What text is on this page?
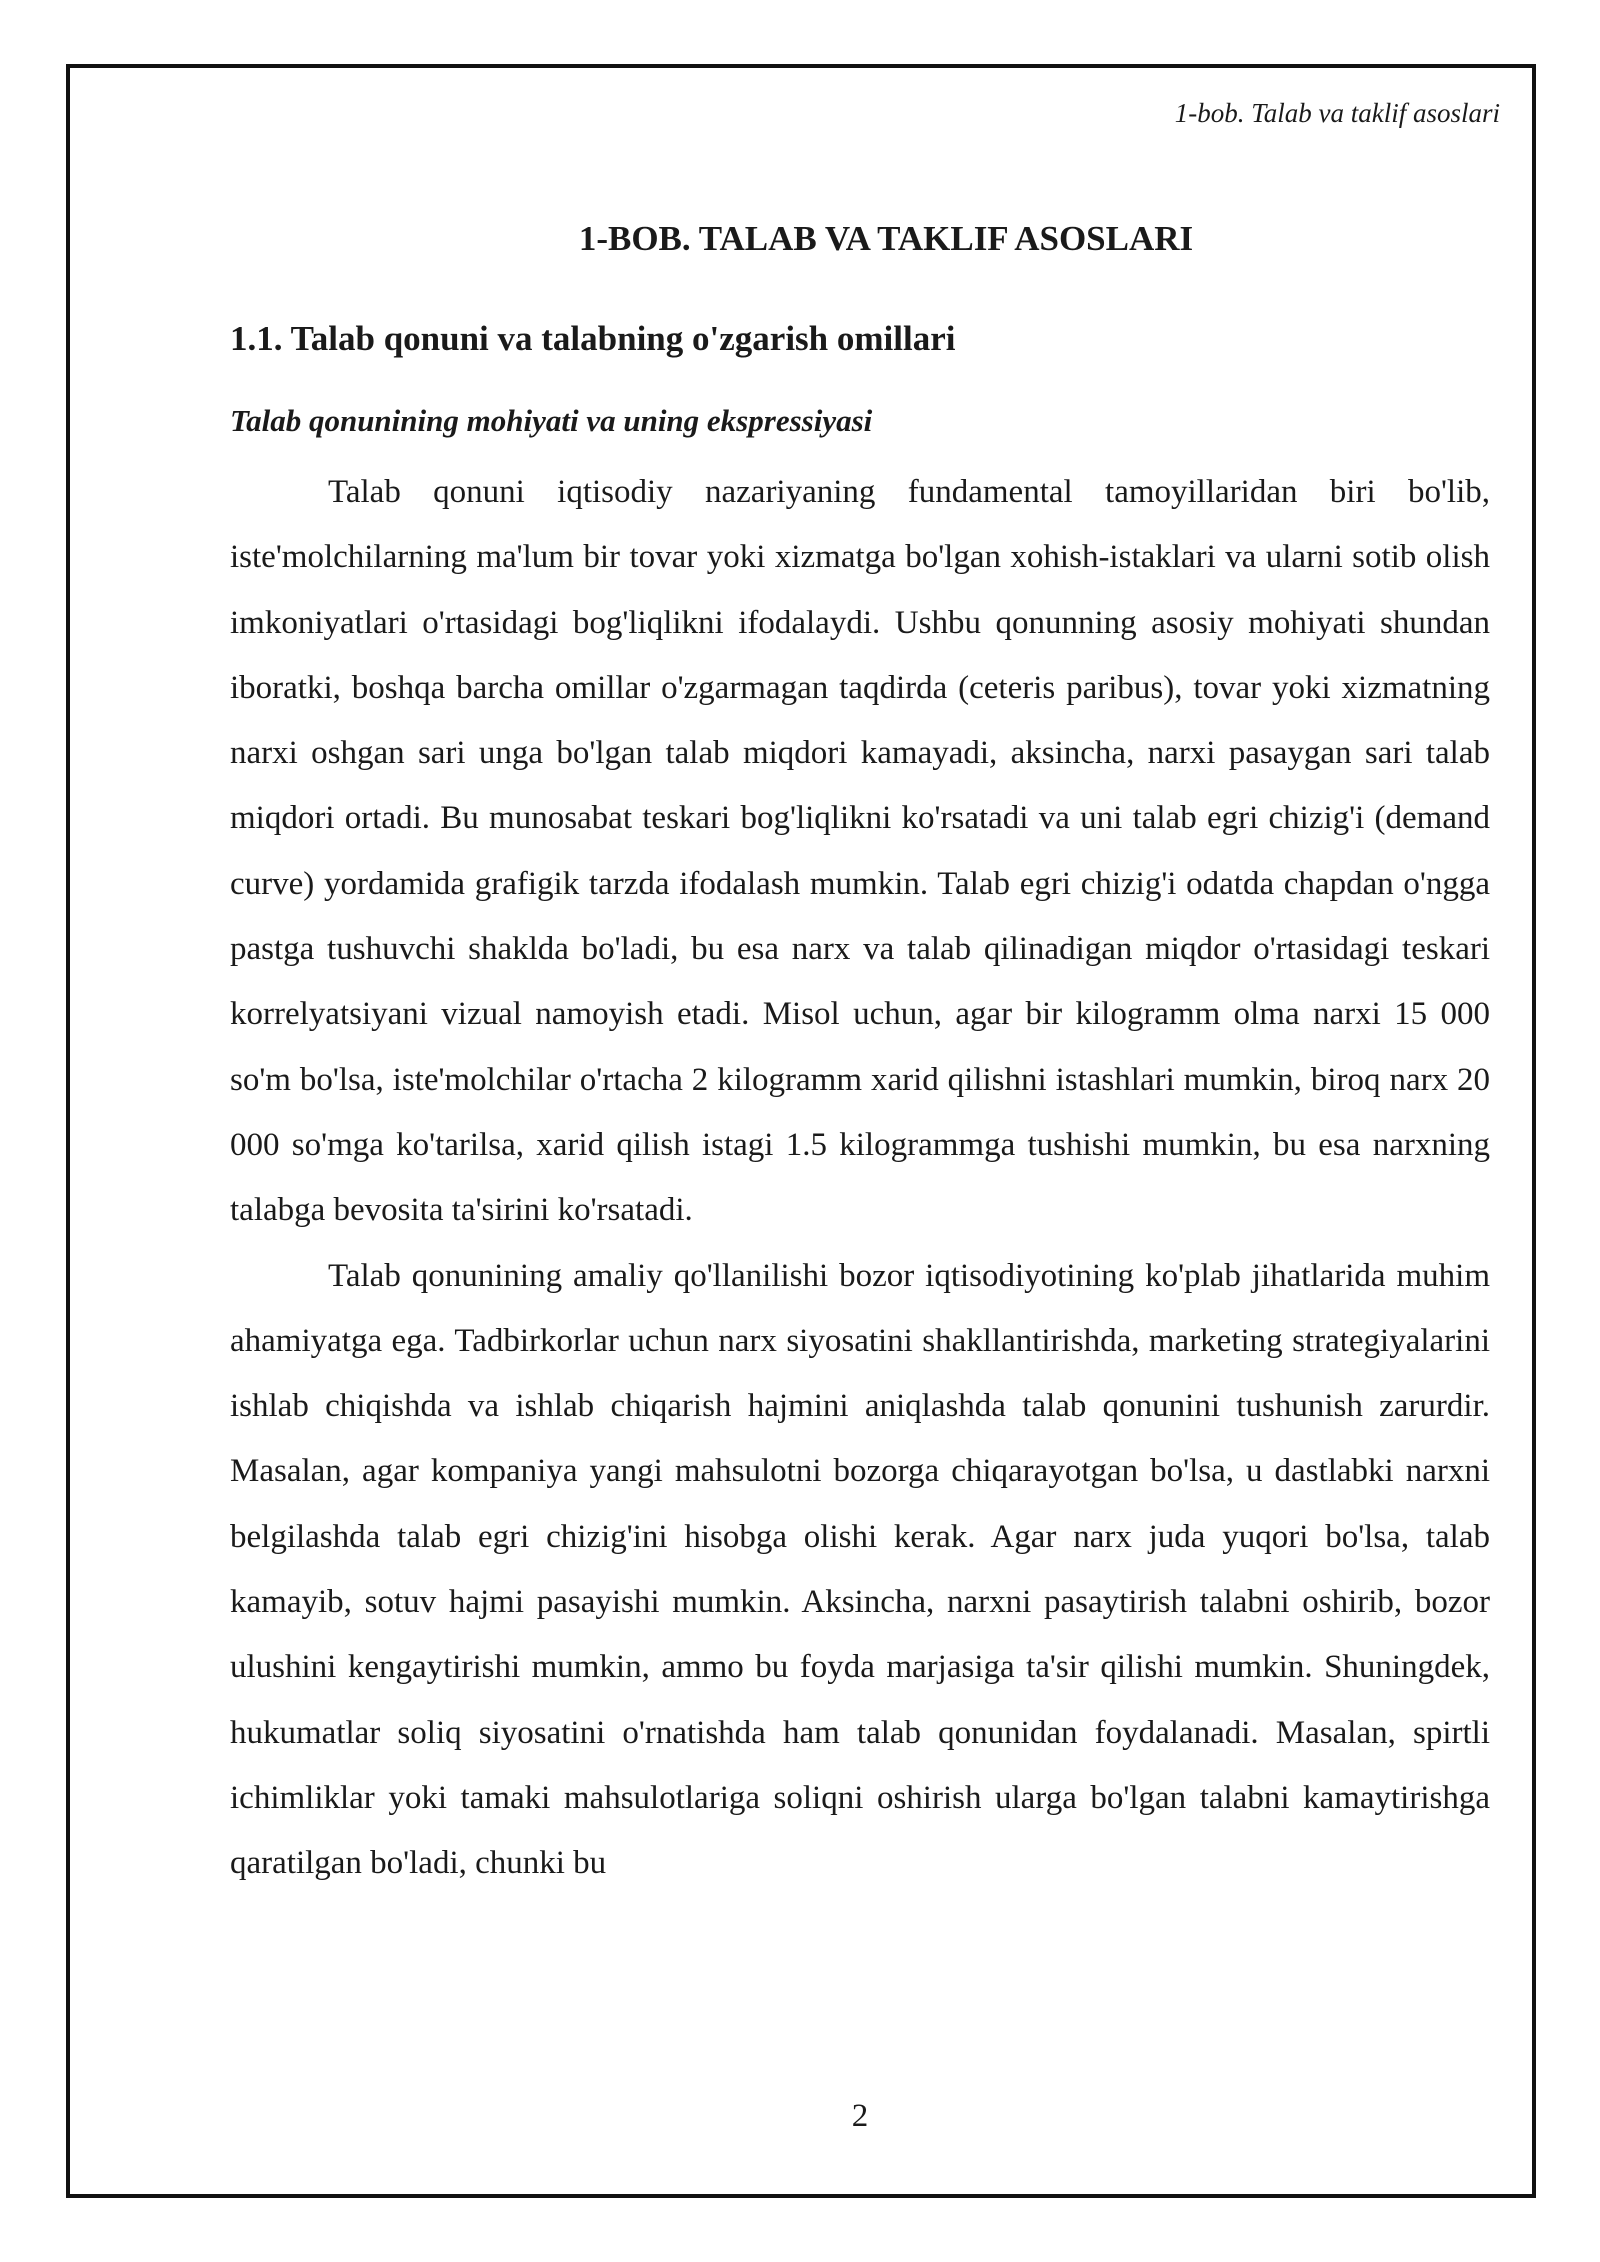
1-bob. Talab va taklif asoslari
1-BOB. TALAB VA TAKLIF ASOSLARI
1.1. Talab qonuni va talabning o'zgarish omillari
Talab qonunining mohiyati va uning ekspressiyasi

Talab qonuni iqtisodiy nazariyaning fundamental tamoyillaridan biri bo'lib, iste'molchilarning ma'lum bir tovar yoki xizmatga bo'lgan xohish-istaklari va ularni sotib olish imkoniyatlari o'rtasidagi bog'liqlikni ifodalaydi. Ushbu qonunning asosiy mohiyati shundan iboratki, boshqa barcha omillar o'zgarmagan taqdirda (ceteris paribus), tovar yoki xizmatning narxi oshgan sari unga bo'lgan talab miqdori kamayadi, aksincha, narxi pasaygan sari talab miqdori ortadi. Bu munosabat teskari bog'liqlikni ko'rsatadi va uni talab egri chizig'i (demand curve) yordamida grafigik tarzda ifodalash mumkin. Talab egri chizig'i odatda chapdan o'ngga pastga tushuvchi shaklda bo'ladi, bu esa narx va talab qilinadigan miqdor o'rtasidagi teskari korrelyatsiyani vizual namoyish etadi. Misol uchun, agar bir kilogramm olma narxi 15 000 so'm bo'lsa, iste'molchilar o'rtacha 2 kilogramm xarid qilishni istashlari mumkin, biroq narx 20 000 so'mga ko'tarilsa, xarid qilish istagi 1.5 kilogrammga tushishi mumkin, bu esa narxning talabga bevosita ta'sirini ko'rsatadi.

Talab qonunining amaliy qo'llanilishi bozor iqtisodiyotining ko'plab jihatlarida muhim ahamiyatga ega. Tadbirkorlar uchun narx siyosatini shakllantirishda, marketing strategiyalarini ishlab chiqishda va ishlab chiqarish hajmini aniqlashda talab qonunini tushunish zarurdir. Masalan, agar kompaniya yangi mahsulotni bozorga chiqarayotgan bo'lsa, u dastlabki narxni belgilashda talab egri chizig'ini hisobga olishi kerak. Agar narx juda yuqori bo'lsa, talab kamayib, sotuv hajmi pasayishi mumkin. Aksincha, narxni pasaytirish talabni oshirib, bozor ulushini kengaytirishi mumkin, ammo bu foyda marjasiga ta'sir qilishi mumkin. Shuningdek, hukumatlar soliq siyosatini o'rnatishda ham talab qonunidan foydalanadi. Masalan, spirtli ichimliklar yoki tamaki mahsulotlariga soliqni oshirish ularga bo'lgan talabni kamaytirishga qaratilgan bo'ladi, chunki bu

2
